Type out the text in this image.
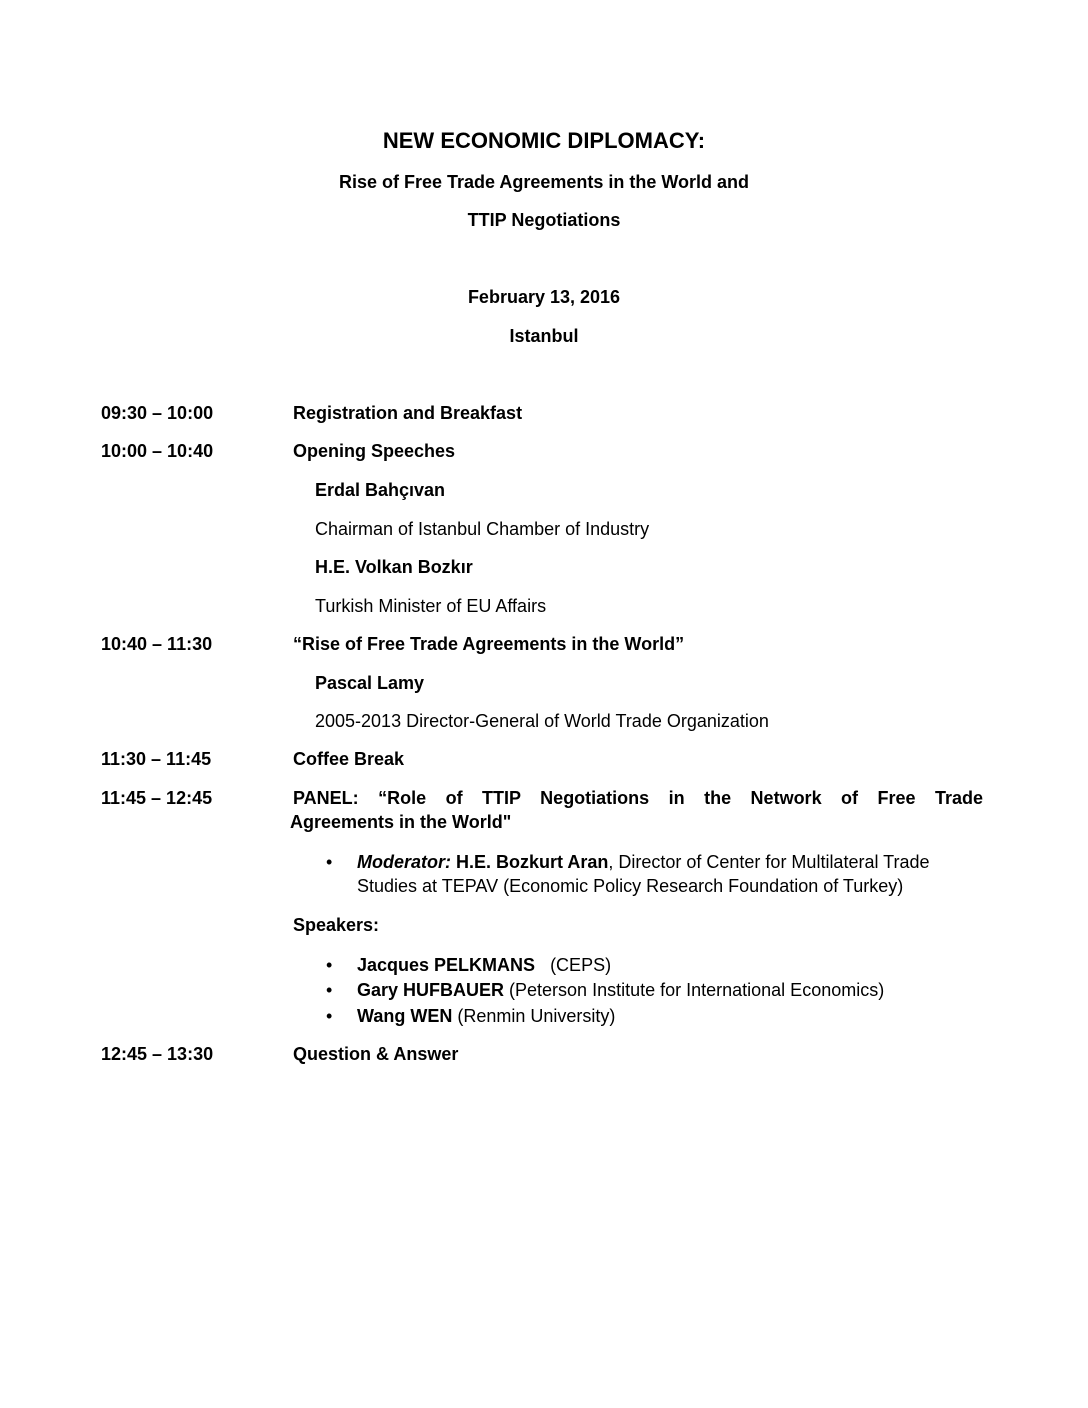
NEW ECONOMIC DIPLOMACY:
Rise of Free Trade Agreements in the World and
TTIP Negotiations
February 13, 2016
Istanbul
09:30 – 10:00	Registration and Breakfast
10:00 – 10:40	Opening Speeches
Erdal Bahçıvan
Chairman of Istanbul Chamber of Industry
H.E. Volkan Bozkır
Turkish Minister of EU Affairs
10:40 – 11:30	“Rise of Free Trade Agreements in the World”
Pascal Lamy
2005-2013 Director-General of World Trade Organization
11:30 – 11:45	Coffee Break
11:45 – 12:45	PANEL: “Role of TTIP Negotiations in the Network of Free Trade
Agreements in the World"
• Moderator: H.E. Bozkurt Aran, Director of Center for Multilateral Trade
Studies at TEPAV (Economic Policy Research Foundation of Turkey)
Speakers:
• Jacques PELKMANS   (CEPS)
• Gary HUFBAUER (Peterson Institute for International Economics)
• Wang WEN (Renmin University)
12:45 – 13:30	Question & Answer
